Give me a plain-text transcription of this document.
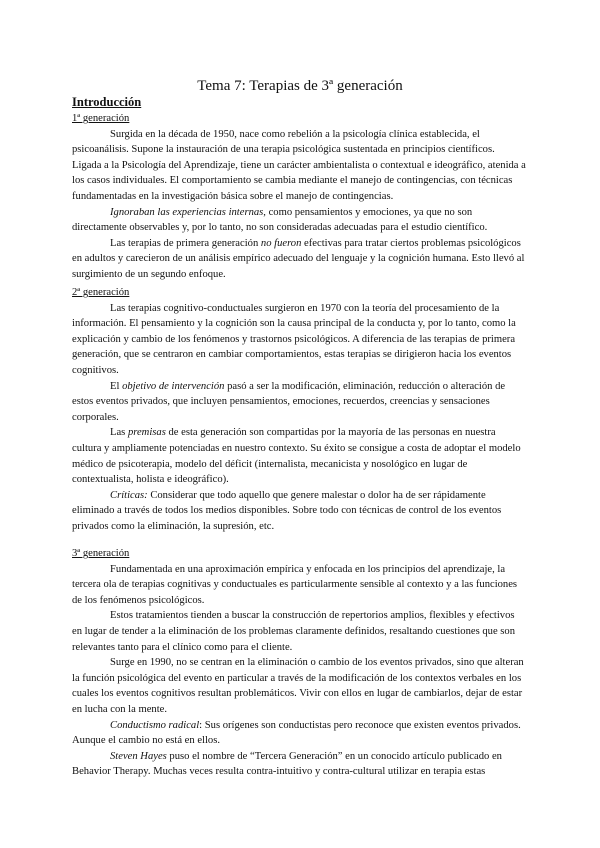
Tema 7: Terapias de 3ª generación
Introducción
1ª generación

Surgida en la década de 1950, nace como rebelión a la psicología clínica establecida, el psicoanálisis. Supone la instauración de una terapia psicológica sustentada en principios científicos. Ligada a la Psicología del Aprendizaje, tiene un carácter ambientalista o contextual e ideográfico, atenida a los casos individuales. El comportamiento se cambia mediante el manejo de contingencias, con técnicas fundamentadas en la investigación básica sobre el manejo de contingencias.

Ignoraban las experiencias internas, como pensamientos y emociones, ya que no son directamente observables y, por lo tanto, no son consideradas adecuadas para el estudio científico.

Las terapias de primera generación no fueron efectivas para tratar ciertos problemas psicológicos en adultos y carecieron de un análisis empírico adecuado del lenguaje y la cognición humana. Esto llevó al surgimiento de un segundo enfoque.

2ª generación

Las terapias cognitivo-conductuales surgieron en 1970 con la teoría del procesamiento de la información. El pensamiento y la cognición son la causa principal de la conducta y, por lo tanto, como la explicación y cambio de los fenómenos y trastornos psicológicos. A diferencia de las terapias de primera generación, que se centraron en cambiar comportamientos, estas terapias se dirigieron hacia los eventos cognitivos.

El objetivo de intervención pasó a ser la modificación, eliminación, reducción o alteración de estos eventos privados, que incluyen pensamientos, emociones, recuerdos, creencias y sensaciones corporales.

Las premisas de esta generación son compartidas por la mayoría de las personas en nuestra cultura y ampliamente potenciadas en nuestro contexto. Su éxito se consigue a costa de adoptar el modelo médico de psicoterapia, modelo del déficit (internalista, mecanicista y nosológico en lugar de contextualista, holista e ideográfico).

Críticas: Considerar que todo aquello que genere malestar o dolor ha de ser rápidamente eliminado a través de todos los medios disponibles. Sobre todo con técnicas de control de los eventos privados como la eliminación, la supresión, etc.

3ª generación

Fundamentada en una aproximación empírica y enfocada en los principios del aprendizaje, la tercera ola de terapias cognitivas y conductuales es particularmente sensible al contexto y a las funciones de los fenómenos psicológicos.

Estos tratamientos tienden a buscar la construcción de repertorios amplios, flexibles y efectivos en lugar de tender a la eliminación de los problemas claramente definidos, resaltando cuestiones que son relevantes tanto para el clínico como para el cliente.

Surge en 1990, no se centran en la eliminación o cambio de los eventos privados, sino que alteran la función psicológica del evento en particular a través de la modificación de los contextos verbales en los cuales los eventos cognitivos resultan problemáticos. Vivir con ellos en lugar de cambiarlos, dejar de estar en lucha con la mente.

Conductismo radical: Sus orígenes son conductistas pero reconoce que existen eventos privados. Aunque el cambio no está en ellos.

Steven Hayes puso el nombre de “Tercera Generación” en un conocido artículo publicado en Behavior Therapy. Muchas veces resulta contra-intuitivo y contra-cultural utilizar en terapia estas
